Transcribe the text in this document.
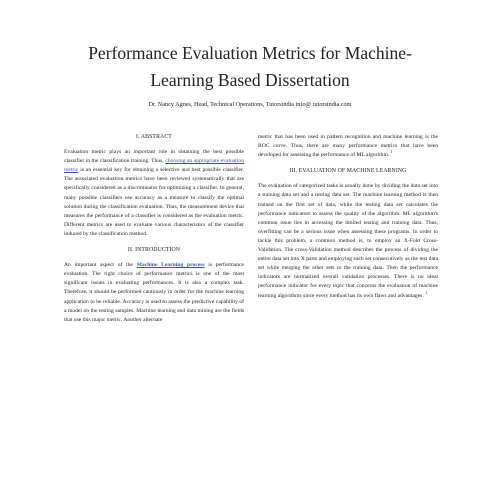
Performance Evaluation Metrics for Machine-
Learning Based Dissertation
Dr. Nancy Agnes, Head, Technical Operations, Tutorsindia info@ tutorsindia.com
I. ABSTRACT

Evaluation metric plays an important role in obtaining the best possible classifier in the classification training. Thus, choosing an appropriate evaluation metric is an essential key for obtaining a selective and best possible classifier. The associated evaluation metrics have been reviewed systematically that are specifically considered as a discriminator for optimizing a classifier. In general, many possible classifiers use accuracy as a measure to classify the optimal solution during the classification evaluation. Thus, the measurement device that measures the performance of a classifier is considered as the evaluation metric. Different metrics are used to evaluate various characteristics of the classifier induced by the classification method.

II. INTRODUCTION

An important aspect of the Machine Learning process is performance evaluation. The right choice of performance metrics is one of the most significant issues in evaluating performances. It is also a complex task. Therefore, it should be performed cautiously in order for the machine learning application to be reliable. Accuracy is used to assess the predictive capability of a model on the testing samples. Machine learning and data mining are the fields that use this major metric. Another alternate

metric that has been used in pattern recognition and machine learning is the ROC curve. Thus, there are many performance metrics that have been developed for assessing the performance of ML algorithm. $^1$

III. EVALUATION OF MACHINE LEARNING

The evaluation of categorized tasks is usually done by dividing the data set into a training data set and a testing data set. The machine learning method is then trained on the first set of data, while the testing data set calculates the performance indicators to assess the quality of the algorithm. ML algorithm's common issue lies in accessing the limited testing and training data. Thus, overfitting can be a serious issue when assessing these programs. In order to tackle this problem, a common method is, to employ an X-Fold Cross-Validation. The cross-Validation method describes the process of dividing the entire data set into X parts and employing each set consecutively as the test data set while merging the other sets to the training data. Then the performance indicators are normalized overall validation processes. There is no ideal performance indicator for every topic that concerns the evaluation of machine learning algorithms since every method has its own flaws and advantages. $^1$
